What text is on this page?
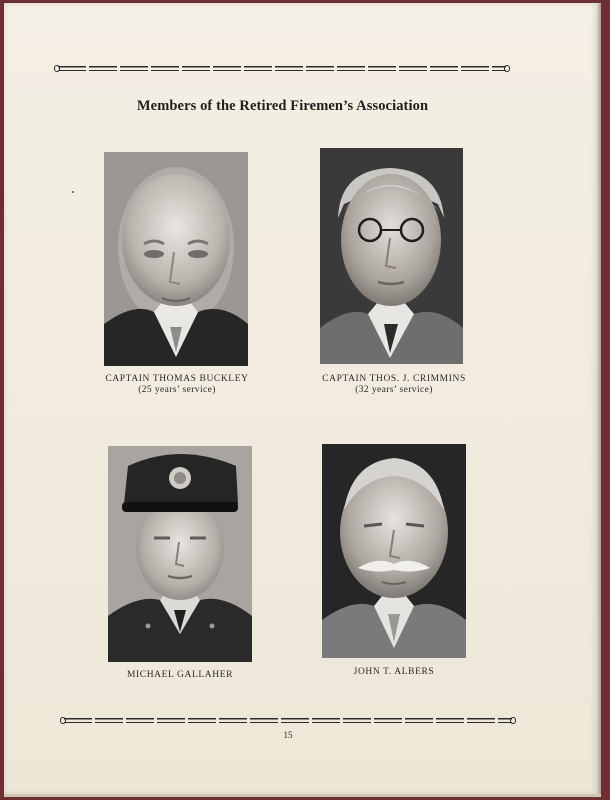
Members of the Retired Firemen’s Association
CAPTAIN THOMAS BUCKLEY
(25 years’ service)
CAPTAIN THOS. J. CRIMMINS
(32 years’ service)
MICHAEL GALLAHER	JOHN T. ALBERS
15
